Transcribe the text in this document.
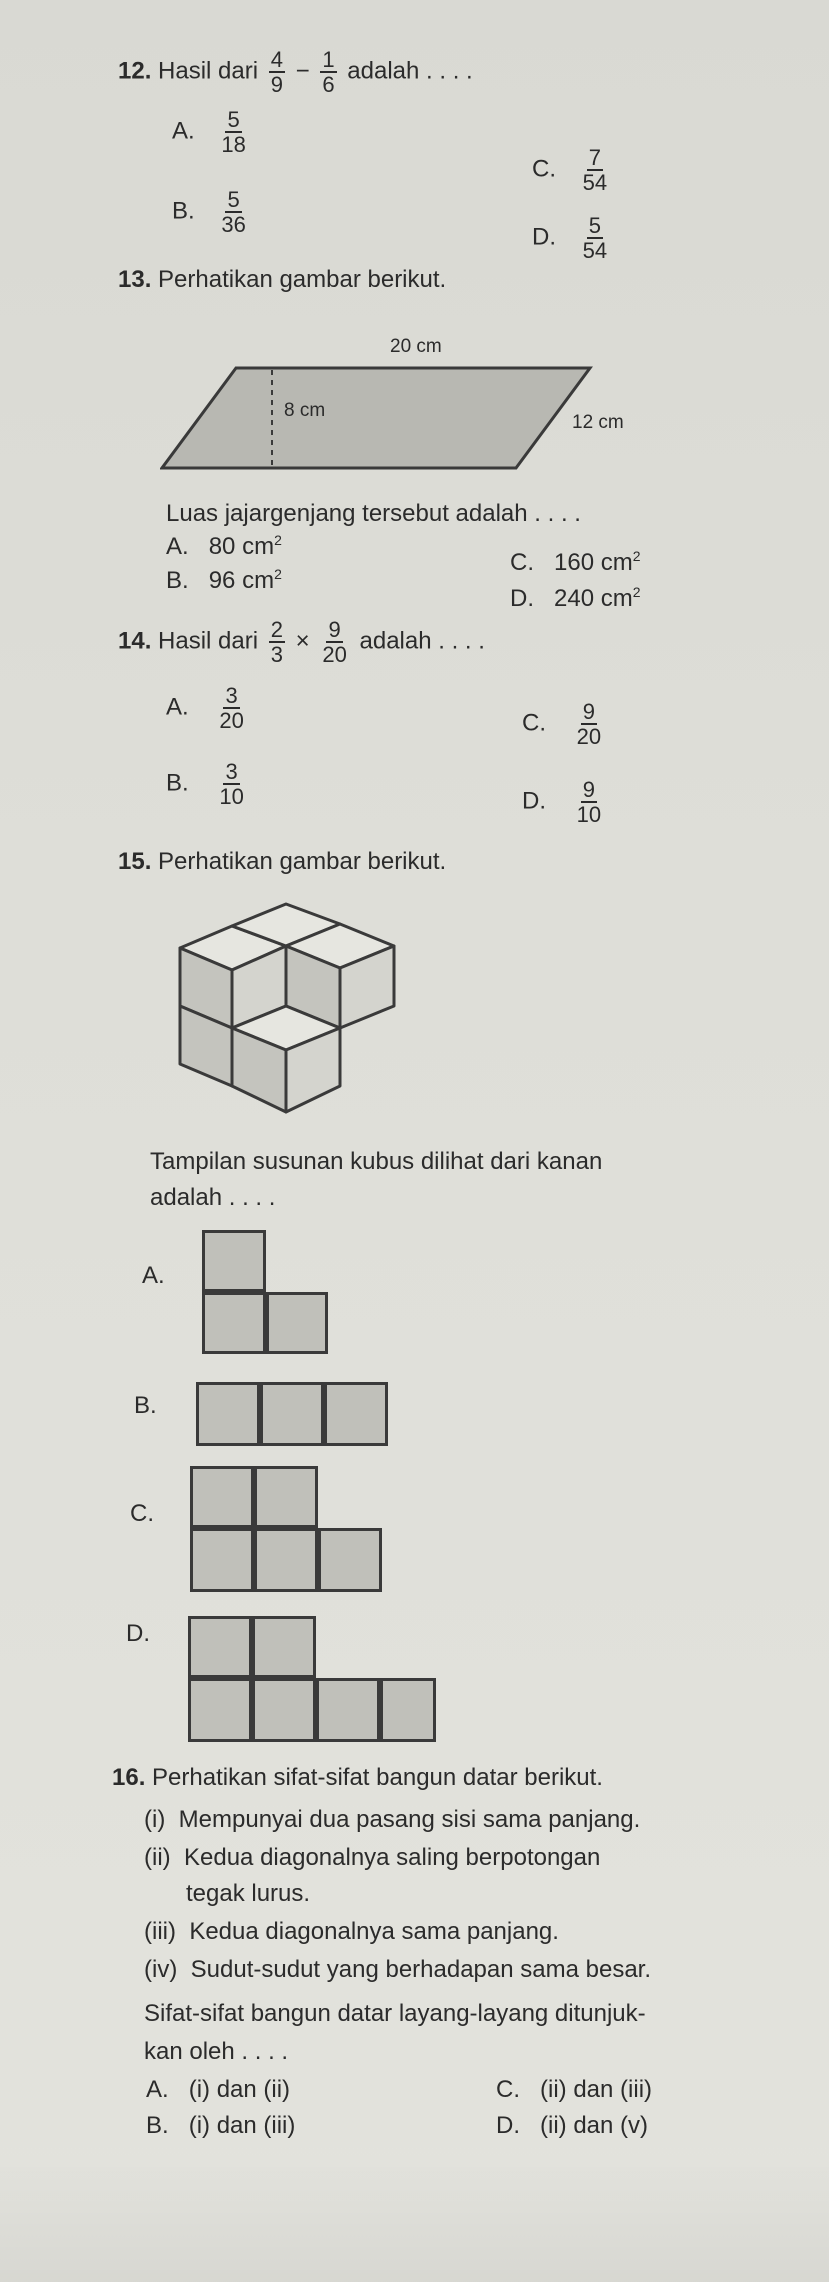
12. Hasil dari $\frac{4}{9} - \frac{1}{6}$ adalah . . . .
A. $\frac{5}{18}$
B. $\frac{5}{36}$
C. $\frac{7}{54}$
D. $\frac{5}{54}$
13. Perhatikan gambar berikut.
20 cm
8 cm
12 cm
Luas jajargenjang tersebut adalah . . . .
A. 80 $cm^2$
B. 96 $cm^2$	C. 160 $cm^2$
D. 240 $cm^2$
14. Hasil dari $\frac{2}{3} \times \frac{9}{20}$ adalah . . . .
A. $\frac{3}{20}$
B. $\frac{3}{10}$
C. $\frac{9}{20}$
D. $\frac{9}{10}$
15. Perhatikan gambar berikut.
Tampilan susunan kubus dilihat dari kanan
adalah . . . .
A.
B.
C.
D.
16. Perhatikan sifat-sifat bangun datar berikut.
(i) Mempunyai dua pasang sisi sama panjang.
(ii) Kedua diagonalnya saling berpotongan
tegak lurus.
(iii) Kedua diagonalnya sama panjang.
(iv) Sudut-sudut yang berhadapan sama besar.
Sifat-sifat bangun datar layang-layang ditunjuk-
kan oleh . . . .
A. (i) dan (ii)
B. (i) dan (iii)
C. (ii) dan (iii)
D. (ii) dan (v)
